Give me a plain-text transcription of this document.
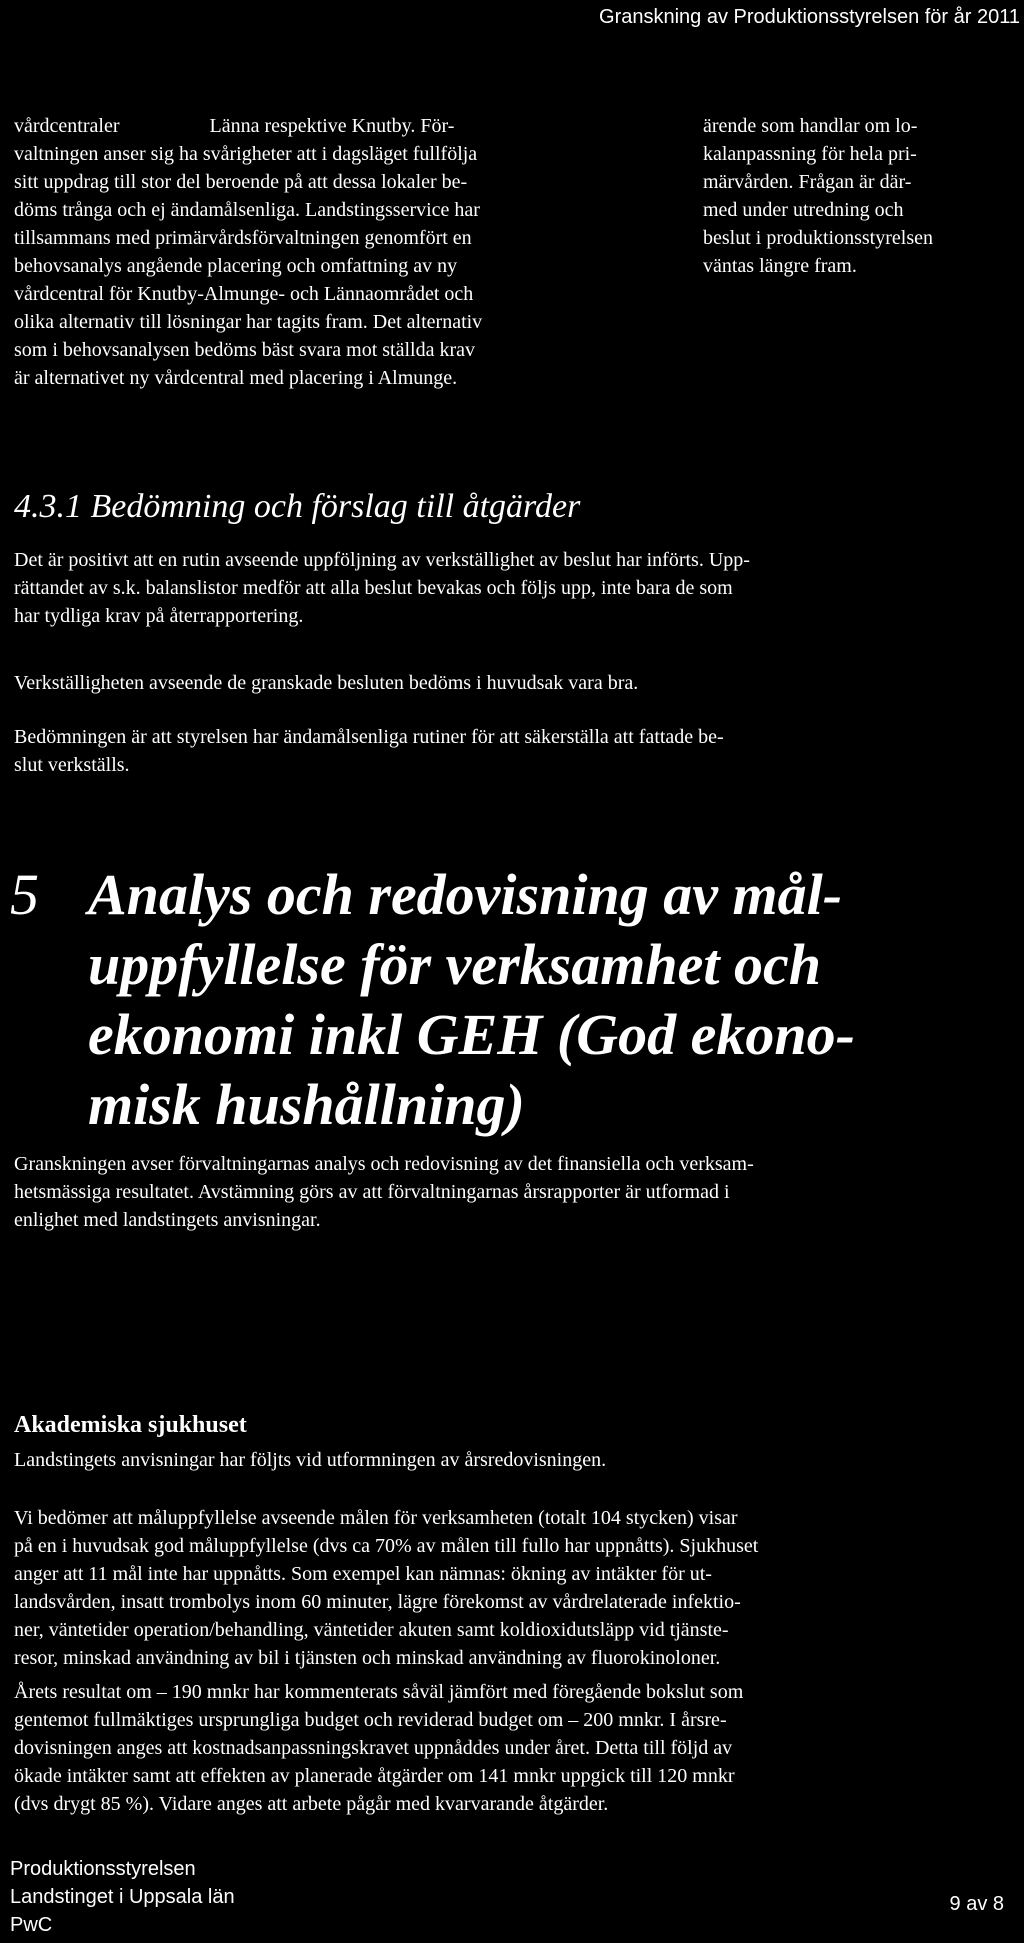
Granskning av Produktionsstyrelsen för år 2011
vårdcentraler                  Länna respektive Knutby. För-
valtningen anser sig ha svårigheter att i dagsläget fullfölja
sitt uppdrag till stor del beroende på att dessa lokaler be-
döms trånga och ej ändamålsenliga. Landstingsservice har
tillsammans med primärvårdsförvaltningen genomfört en
behovsanalys angående placering och omfattning av ny
vårdcentral för Knutby-Almunge- och Lännaområdet och
olika alternativ till lösningar har tagits fram. Det alternativ
som i behovsanalysen bedöms bäst svara mot ställda krav
är alternativet ny vårdcentral med placering i Almunge.
ärende som handlar om lo-
kalanpassning för hela pri-
märvården. Frågan är där-
med under utredning och
beslut i produktionsstyrelsen
väntas längre fram.
4.3.1 Bedömning och förslag till åtgärder
Det är positivt att en rutin avseende uppföljning av verkställighet av beslut har införts. Upp-
rättandet av s.k. balanslistor medför att alla beslut bevakas och följs upp, inte bara de som
har tydliga krav på återrapportering.
Verkställigheten avseende de granskade besluten bedöms i huvudsak vara bra.
Bedömningen är att styrelsen har ändamålsenliga rutiner för att säkerställa att fattade be-
slut verkställs.
5 Analys och redovisning av mål-
uppfyllelse för verksamhet och
ekonomi inkl GEH (God ekono-
misk hushållning)
Granskningen avser förvaltningarnas analys och redovisning av det finansiella och verksam-
hetsmässiga resultatet. Avstämning görs av att förvaltningarnas årsrapporter är utformad i
enlighet med landstingets anvisningar.
Akademiska sjukhuset
Landstingets anvisningar har följts vid utformningen av årsredovisningen.
Vi bedömer att måluppfyllelse avseende målen för verksamheten (totalt 104 stycken) visar
på en i huvudsak god måluppfyllelse (dvs ca 70% av målen till fullo har uppnåtts). Sjukhuset
anger att 11 mål inte har uppnåtts. Som exempel kan nämnas: ökning av intäkter för ut-
landsvården, insatt trombolys inom 60 minuter, lägre förekomst av vårdrelaterade infektio-
ner, väntetider operation/behandling, väntetider akuten samt koldioxidutsläpp vid tjänste-
resor, minskad användning av bil i tjänsten och minskad användning av fluorokinoloner.
Årets resultat om – 190 mnkr har kommenterats såväl jämfört med föregående bokslut som
gentemot fullmäktiges ursprungliga budget och reviderad budget om – 200 mnkr. I årsre-
dovisningen anges att kostnadsanpassningskravet uppnåddes under året. Detta till följd av
ökade intäkter samt att effekten av planerade åtgärder om 141 mnkr uppgick till 120 mnkr
(dvs drygt 85 %). Vidare anges att arbete pågår med kvarvarande åtgärder.
Produktionsstyrelsen
Landstinget i Uppsala län
PwC
9 av 8
